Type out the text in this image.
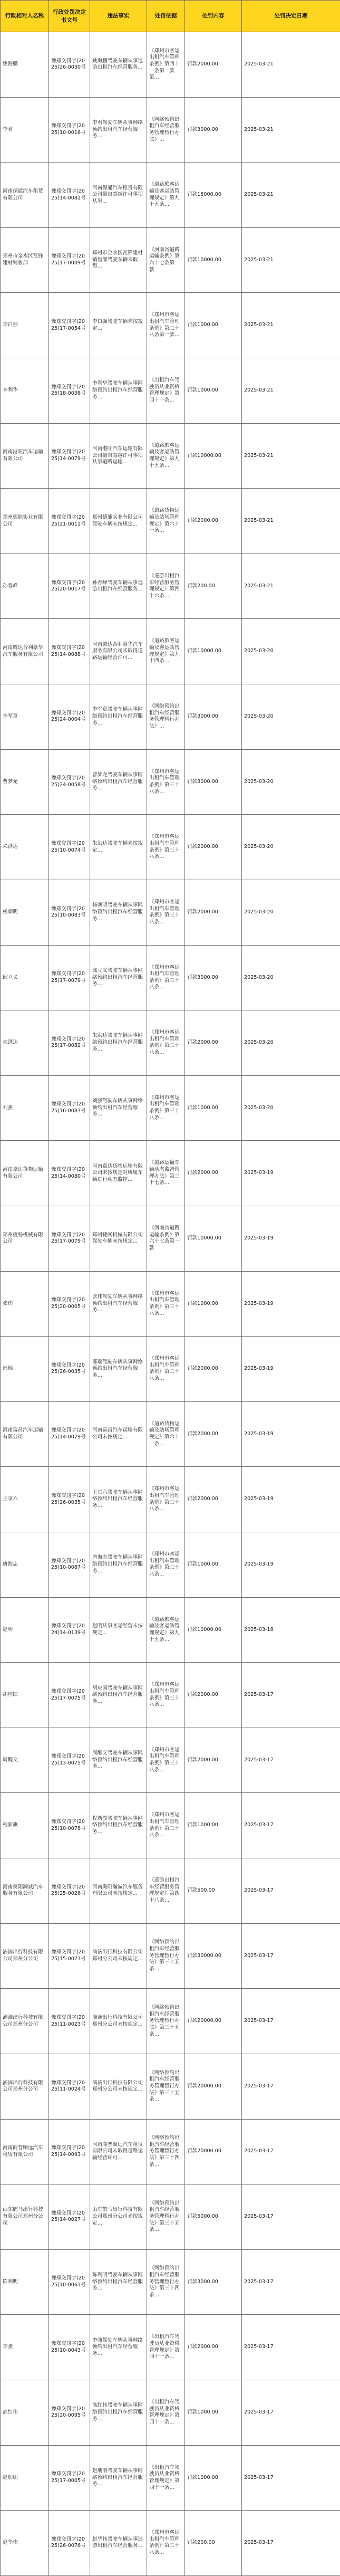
行政相对人名称	行政处罚决定书文号	违法事实	处罚依据	处罚内容	处罚决定日期
姚海鹏	豫郑交罚字(2025)26-0030号	姚海鹏驾驶车辆从事巡游出租汽车经营服务...	《郑州市客运出租汽车管理条例》第四十一条第一款第...	罚款2000.00	2025-03-21
李君	豫郑交罚字(2025)10-0016号	李君驾驶车辆从事网络预约出租汽车经营服务...	《网络预约出租汽车经营服务管理暂行办法》...	罚款3000.00	2025-03-21
河南保通汽车租赁有限公司	豫郑交罚字(2025)14-0081号	河南保通汽车租赁有限公司擅自超越许可事项从事...	《道路旅客运输及客运站管理规定》第九十五条...	罚款18000.00	2025-03-21
郑州市金水区瓦锋建材销售部	豫郑交罚字(2025)17-0009号	郑州市金水区瓦锋建材销售部驾驶车辆未取得...	《河南省道路运输条例》第六十七条第一款	罚款10000.00	2025-03-21
李白强	豫郑交罚字(2025)17-0054号	李白强驾驶车辆未按规定...	《郑州市客运出租汽车管理条例》第三十八条第一款...	罚款1000.00	2025-03-21
李利华	豫郑交罚字(2025)18-0038号	李利华驾驶车辆从事网络预约出租汽车经营服务...	《出租汽车驾驶员从业资格管理规定》第四十一条...	罚款1000.00	2025-03-21
河南港旺汽车运输有限公司	豫郑交罚字(2025)14-0079号	河南港旺汽车运输有限公司擅自超越许可事项从事道路运输...	《道路旅客运输及客运站管理规定》第九十五条...	罚款10000.00	2025-03-21
郑州德能实业有限公司	豫郑交罚字(2025)21-0011号	郑州德能实业有限公司驾驶车辆未按规定...	《道路货物运输及站场管理规定》第六十一条...	罚款2000.00	2025-03-21
孙春峰	豫郑交罚字(2025)20-0017号	孙春峰驾驶车辆从事巡游出租汽车经营服务...	《巡游出租汽车经营服务管理规定》第四十六条...	罚款200.00	2025-03-21
河南腾达合利豪华汽车服务有限公司	豫郑交罚字(2025)14-0088号	河南腾达合利豪华汽车服务有限公司未取得道路运输经营许可...	《道路旅客运输及客运站管理规定》第九十四条...	罚款10000.00	2025-03-20
李军章	豫郑交罚字(2025)24-0004号	李军章驾驶车辆从事网络预约出租汽车经营服务...	《网络预约出租汽车经营服务管理暂行办法》...	罚款3000.00	2025-03-20
曹梦龙	豫郑交罚字(2025)24-0058号	曹梦龙驾驶车辆从事网络预约出租汽车经营服务...	《郑州市客运出租汽车管理条例》第三十八条...	罚款3000.00	2025-03-20
朱洪达	豫郑交罚字(2025)10-0074号	朱洪达驾驶车辆未按规定...	《郑州市客运出租汽车管理条例》第三十八条...	罚款2000.00	2025-03-20
杨朝明	豫郑交罚字(2025)10-0083号	杨朝明驾驶车辆从事网络预约出租汽车经营服务...	《郑州市客运出租汽车管理条例》第三十八条...	罚款2000.00	2025-03-20
邱立义	豫郑交罚字(2025)17-0079号	邱立义驾驶车辆从事网络预约出租汽车经营服务...	《郑州市客运出租汽车管理条例》第三十八条...	罚款3000.00	2025-03-20
朱洪达	豫郑交罚字(2025)17-0082号	朱洪达驾驶车辆从事网络预约出租汽车经营服务...	《郑州市客运出租汽车管理条例》第三十八条...	罚款2000.00	2025-03-20
刘强	豫郑交罚字(2025)16-0083号	刘强驾驶车辆从事网络预约出租汽车经营服务...	《郑州市客运出租汽车管理条例》第三十八条...	罚款1000.00	2025-03-20
河南嘉达货物运输有限公司	豫郑交罚字(2025)14-0080号	河南嘉达货物运输有限公司未按规定对所属车辆进行动态监控...	《道路运输车辆动态监督管理办法》第三十七条...	罚款2000.00	2025-03-19
郑州捷畅机械有限公司	豫郑交罚字(2025)17-0079号	郑州捷畅机械有限公司驾驶车辆未按规定...	《河南省道路运输条例》第六十七条第一款	罚款10000.00	2025-03-19
张伟	豫郑交罚字(2025)20-0005号	张伟驾驶车辆从事网络预约出租汽车经营服务...	《郑州市客运出租汽车管理条例》第三十八条...	罚款1000.00	2025-03-19
邢瑞	豫郑交罚字(2025)26-0035号	邢瑞驾驶车辆从事网络预约出租汽车经营服务...	《郑州市客运出租汽车管理条例》第三十八条...	罚款2000.00	2025-03-19
河南富昌汽车运输有限公司	豫郑交罚字(2025)14-0079号	河南富昌汽车运输有限公司未按规定...	《道路货物运输及站场管理规定》第六十一条...	罚款2000.00	2025-03-19
王京六	豫郑交罚字(2025)26-0035号	王京六驾驶车辆从事网络预约出租汽车经营服务...	《郑州市客运出租汽车管理条例》第三十八条...	罚款2000.00	2025-03-19
唐海志	豫郑交罚字(2025)10-0087号	唐海志驾驶车辆从事网络预约出租汽车经营服务...	《郑州市客运出租汽车管理条例》第三十八条...	罚款1000.00	2025-03-19
赵明	豫郑交罚字(2024)14-0139号	赵明从事客运经营未按规定...	《道路旅客运输及客运站管理规定》第九十五条...	罚款10000.00	2025-03-18
胡应国	豫郑交罚字(2025)17-0075号	胡应国驾驶车辆从事网络预约出租汽车经营服务...	《郑州市客运出租汽车管理条例》第三十八条...	罚款2000.00	2025-03-17
周醒文	豫郑交罚字(2025)13-0075号	周醒文驾驶车辆从事网络预约出租汽车经营服务...	《郑州市客运出租汽车管理条例》第三十八条...	罚款2000.00	2025-03-17
程新旗	豫郑交罚字(2025)10-0078号	程新旗驾驶车辆从事网络预约出租汽车经营服务...	《郑州市客运出租汽车管理条例》第三十八条...	罚款1000.00	2025-03-17
河南奥阳瀚诚汽车服务有限公司	豫郑交罚字(2025)25-0026号	河南奥阳瀚诚汽车服务有限公司未按规定...	《巡游出租汽车经营服务管理规定》第四十八条...	罚款500.00	2025-03-17
滴滴出行科技有限公司郑州分公司	豫郑交罚字(2025)15-0023号	滴滴出行科技有限公司郑州分公司未按规定...	《网络预约出租汽车经营服务管理暂行办法》第三十五条...	罚款30000.00	2025-03-17
滴滴出行科技有限公司郑州分公司	豫郑交罚字(2025)11-0023号	滴滴出行科技有限公司郑州分公司未按规定...	《网络预约出租汽车经营服务管理暂行办法》第三十五条...	罚款20000.00	2025-03-17
滴滴出行科技有限公司郑州分公司	豫郑交罚字(2025)11-0024号	滴滴出行科技有限公司郑州分公司未按规定...	《网络预约出租汽车经营服务管理暂行办法》第三十五条...	罚款20000.00	2025-03-17
河南商普顺远汽车租赁有限公司	豫郑交罚字(2025)14-0093号	河南商普顺远汽车租赁有限公司未取得道路运输经营许可...	《网络预约出租汽车经营服务管理暂行办法》第三十四条...	罚款20000.00	2025-03-17
山东鹤马出行科技有限公司郑州分公司	豫郑交罚字(2025)14-0027号	山东鹤马出行科技有限公司郑州分公司未按规定...	《网络预约出租汽车经营服务管理暂行办法》第三十五条...	罚款5000.00	2025-03-17
陈利明	豫郑交罚字(2025)10-0061号	陈利明驾驶车辆从事网络预约出租汽车经营服务...	《网络预约出租汽车经营服务管理暂行办法》第三十四条...	罚款3000.00	2025-03-17
李強	豫郑交罚字(2025)10-0043号	李強驾驶车辆从事网络预约出租汽车经营服务...	《出租汽车驾驶员从业资格管理规定》第四十一条...	罚款2000.00	2025-03-17
高红伟	豫郑交罚字(2025)20-0095号	高红伟驾驶车辆从事网络预约出租汽车经营服务...	《出租汽车驾驶员从业资格管理规定》第四十一条...	罚款1000.00	2025-03-17
赵朋朋	豫郑交罚字(2025)17-0005号	赵朋朋驾驶车辆从事网络预约出租汽车经营服务...	《出租汽车驾驶员从业资格管理规定》第四十一条...	罚款1000.00	2025-03-17
赵华伟	豫郑交罚字(2025)26-0076号	赵华伟驾驶车辆从事巡游出租汽车经营服务...	《郑州市客运出租汽车管理条例》第三十八条...	罚款200.00	2025-03-17
